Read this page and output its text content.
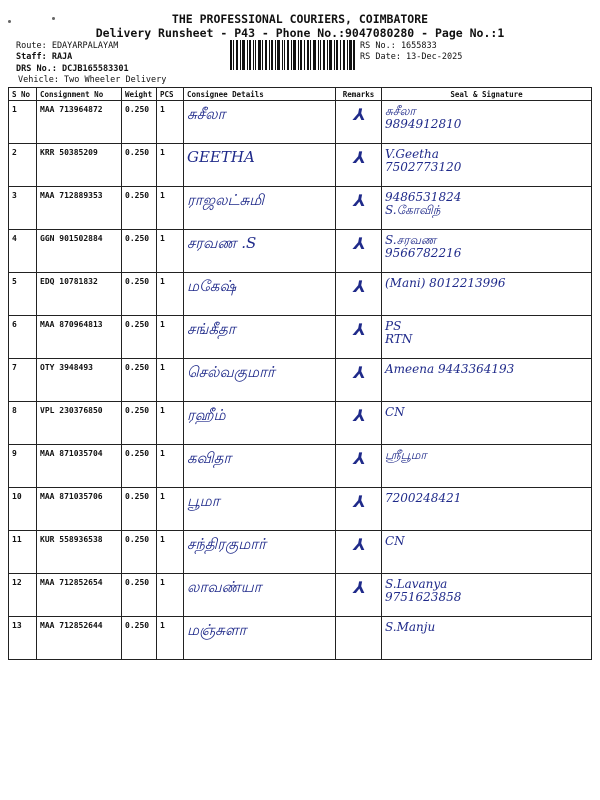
THE PROFESSIONAL COURIERS, COIMBATORE
Delivery Runsheet - P43 - Phone No.:9047080280 - Page No.:1
Route: EDAYARPALAYAM
Staff: RAJA
DRS No.: DCJB165583301
Vehicle: Two Wheeler Delivery
RS No.: 1655833
RS Date: 13-Dec-2025
S No	Consignment No	Weight	PCS	Consignee Details	Remarks	Seal & Signature
1	MAA 713964872	0.250	1	சுசீலா	⅄	சுசீலா
9894912810

2	KRR 50385209	0.250	1	GEETHA	⅄	V.Geetha
7502773120

3	MAA 712889353	0.250	1	ராஜலட்சுமி	⅄	9486531824
S.கோவிந்

4	GGN 901502884	0.250	1	சரவண .S	⅄	S.சரவண
9566782216

5	EDQ 10781832	0.250	1	மகேஷ்	⅄	(Mani) 8012213996

6	MAA 870964813	0.250	1	சங்கீதா	⅄	PS
RTN

7	OTY 3948493	0.250	1	செல்வகுமார்	⅄	Ameena 9443364193

8	VPL 230376850	0.250	1	ரஹீம்	⅄	CN

9	MAA 871035704	0.250	1	கவிதா	⅄	ஸ்ரீபூமா

10	MAA 871035706	0.250	1	பூமா	⅄	7200248421

11	KUR 558936538	0.250	1	சந்திரகுமார்	⅄	CN

12	MAA 712852654	0.250	1	லாவண்யா	⅄	S.Lavanya
9751623858

13	MAA 712852644	0.250	1	மஞ்சுளா		S.Manju
